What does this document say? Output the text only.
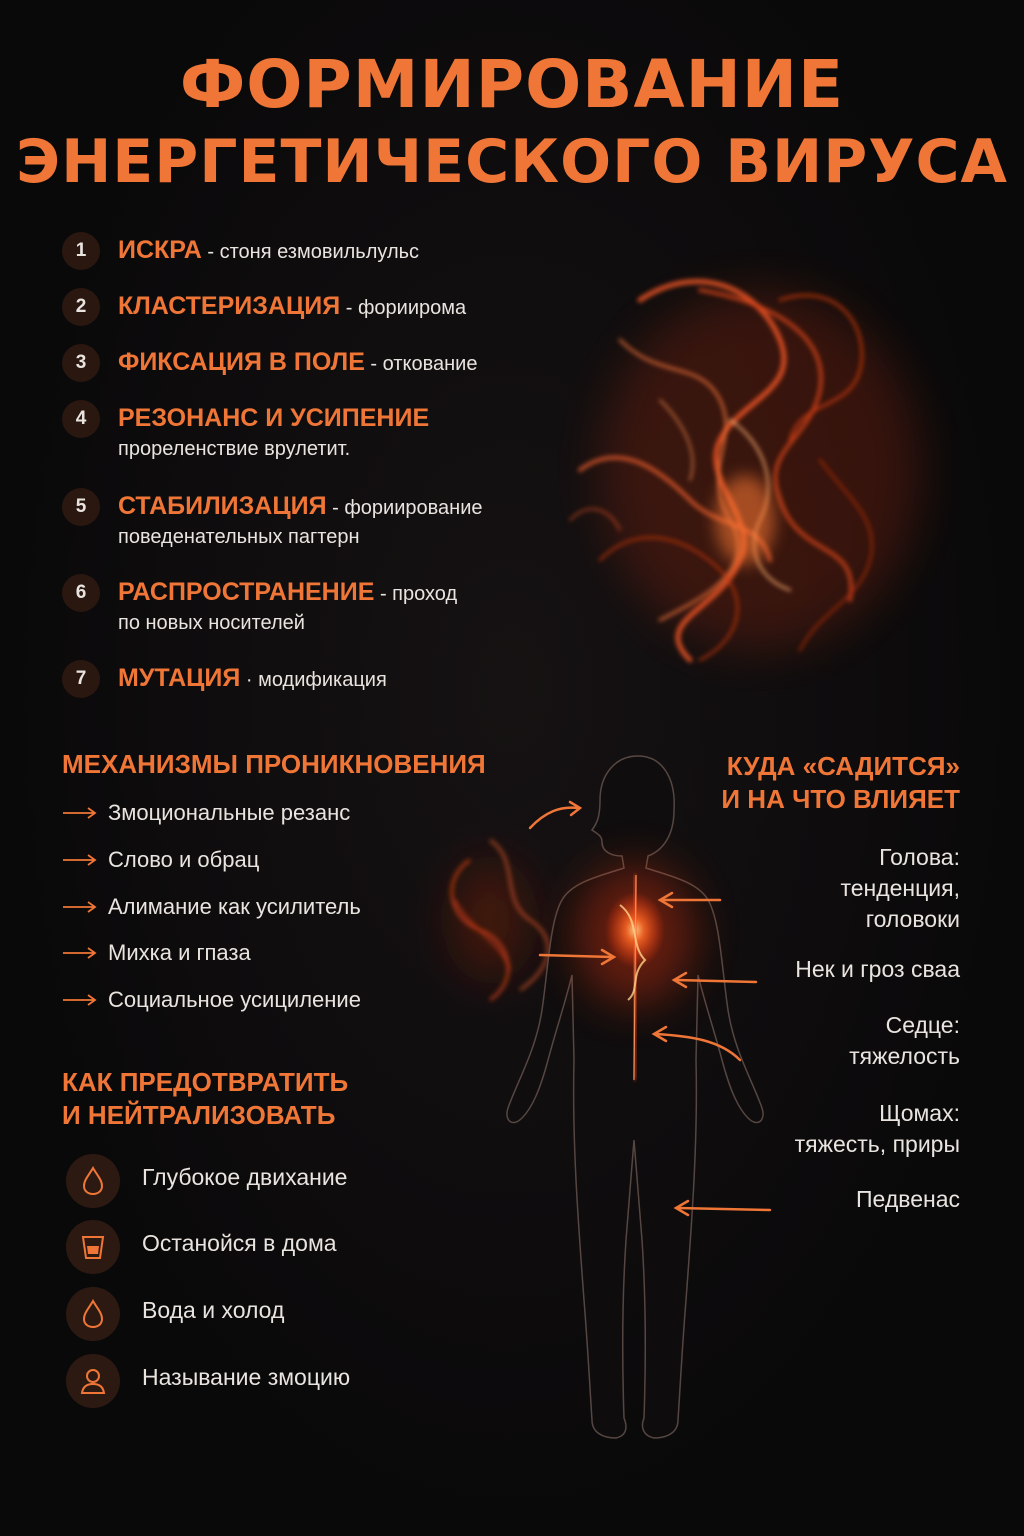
ФОРМИРОВАНИЕ
ЭНЕРГЕТИЧЕСКОГО ВИРУСА
1	ИСКРА - стоня езмовильлульс
2	КЛАСТЕРИЗАЦИЯ - фориирома
3	ФИКСАЦИЯ В ПОЛЕ - откование
4	РЕЗОНАНС И УСИПЕНИЕ
прореленствие врулетит.
5	СТАБИЛИЗАЦИЯ - фориирование
поведенательных пагтерн
6	РАСПРОСТРАНЕНИЕ - проход
по новых носителей
7	МУТАЦИЯ · модификация
МЕХАНИЗМЫ ПРОНИКНОВЕНИЯ
Змоциональные резанс
Слово и обрац
Алимание как усилитель
Михка и гпаза
Социальное усициление
КАК ПРЕДОТВРАТИТЬ
И НЕЙТРАЛИЗОВАТЬ
Глубокое двихание
Останойся в дома
Вода и холод
Называние змоцию
КУДА «САДИТСЯ»
И НА ЧТО ВЛИЯЕТ
Голова:
тенденция,
головоки
Нек и гроз сваа
Седце:
тяжелость
Щомах:
тяжесть, приры
Педвенас
